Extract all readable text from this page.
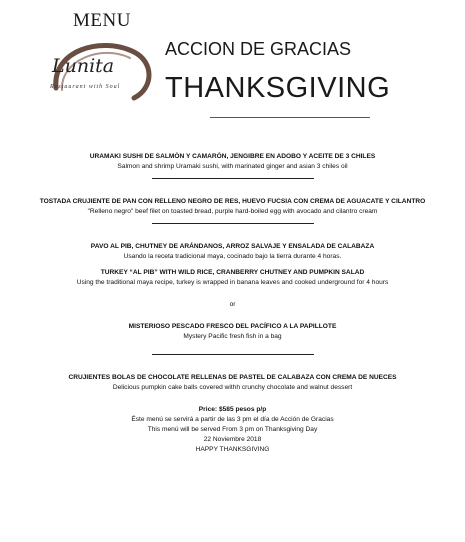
MENU
Lunita
Restaurant with Soul
ACCION DE GRACIAS
THANKSGIVING
URAMAKI SUSHI DE SALMÒN Y CAMARÒN, JENGIBRE EN ADOBO Y ACEITE DE 3 CHILES
Salmon and shrimp Uramaki sushi, with marinated ginger and asian 3 chiles oil
TOSTADA CRUJIENTE DE PAN CON RELLENO NEGRO DE RES, HUEVO FUCSIA CON CREMA DE AGUACATE Y CILANTRO
"Relleno negro" beef filet on toasted bread, purple hard-boiled egg with avocado and cilantro cream
PAVO AL PIB, CHUTNEY DE ARÁNDANOS, ARROZ SALVAJE Y ENSALADA DE CALABAZA
Usando la receta tradicional maya, cocinado bajo la tierra durante 4 horas.
TURKEY “AL PIB” WITH WILD RICE, CRANBERRY CHUTNEY AND PUMPKIN SALAD
Using the traditional maya recipe, turkey is wrapped in banana leaves and cooked underground for 4 hours
or
MISTERIOSO PESCADO FRESCO DEL PACÍFICO A LA PAPILLOTE
Mystery Pacific fresh fish in a bag
CRUJIENTES BOLAS DE CHOCOLATE RELLENAS DE PASTEL DE CALABAZA CON CREMA DE NUECES
Delicious pumpkin cake balls covered withh crunchy chocolate and walnut dessert
Price: $585 pesos p/p
Éste menú se servirá a partir de las 3 pm el día de Acción de Gracias
This menú will be served From 3 pm on Thanksgiving Day
22 Noviembre 2018
HAPPY THANKSGIVING
